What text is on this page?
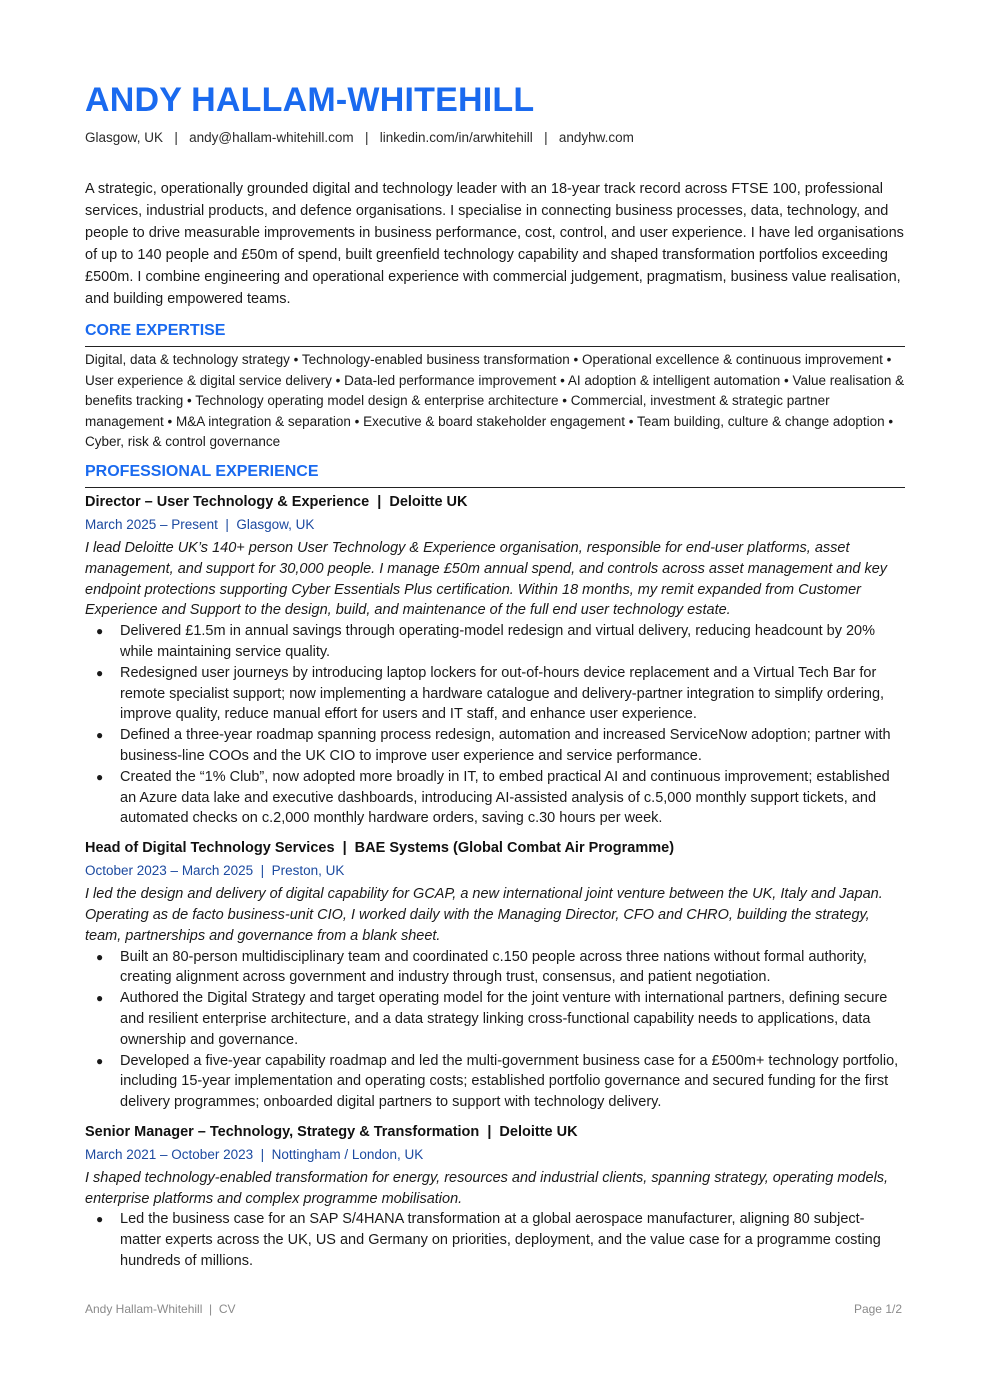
ANDY HALLAM-WHITEHILL
Glasgow, UK | andy@hallam-whitehill.com | linkedin.com/in/arwhitehill | andyhw.com

A strategic, operationally grounded digital and technology leader with an 18-year track record across FTSE 100, professional services, industrial products, and defence organisations. I specialise in connecting business processes, data, technology, and people to drive measurable improvements in business performance, cost, control, and user experience. I have led organisations of up to 140 people and £50m of spend, built greenfield technology capability and shaped transformation portfolios exceeding £500m. I combine engineering and operational experience with commercial judgement, pragmatism, business value realisation, and building empowered teams.

CORE EXPERTISE
Digital, data & technology strategy • Technology-enabled business transformation • Operational excellence & continuous improvement • User experience & digital service delivery • Data-led performance improvement • AI adoption & intelligent automation • Value realisation & benefits tracking • Technology operating model design & enterprise architecture • Commercial, investment & strategic partner management • M&A integration & separation • Executive & board stakeholder engagement • Team building, culture & change adoption • Cyber, risk & control governance
PROFESSIONAL EXPERIENCE
Director – User Technology & Experience  |  Deloitte UK
March 2025 – Present  |  Glasgow, UK
I lead Deloitte UK’s 140+ person User Technology & Experience organisation, responsible for end-user platforms, asset management, and support for 30,000 people. I manage £50m annual spend, and controls across asset management and key endpoint protections supporting Cyber Essentials Plus certification. Within 18 months, my remit expanded from Customer Experience and Support to the design, build, and maintenance of the full end user technology estate.
● Delivered £1.5m in annual savings through operating-model redesign and virtual delivery, reducing headcount by 20% while maintaining service quality.
● Redesigned user journeys by introducing laptop lockers for out-of-hours device replacement and a Virtual Tech Bar for remote specialist support; now implementing a hardware catalogue and delivery-partner integration to simplify ordering, improve quality, reduce manual effort for users and IT staff, and enhance user experience.
● Defined a three-year roadmap spanning process redesign, automation and increased ServiceNow adoption; partner with business-line COOs and the UK CIO to improve user experience and service performance.
● Created the “1% Club”, now adopted more broadly in IT, to embed practical AI and continuous improvement; established an Azure data lake and executive dashboards, introducing AI-assisted analysis of c.5,000 monthly support tickets, and automated checks on c.2,000 monthly hardware orders, saving c.30 hours per week.
Head of Digital Technology Services  |  BAE Systems (Global Combat Air Programme)
October 2023 – March 2025  |  Preston, UK
I led the design and delivery of digital capability for GCAP, a new international joint venture between the UK, Italy and Japan. Operating as de facto business-unit CIO, I worked daily with the Managing Director, CFO and CHRO, building the strategy, team, partnerships and governance from a blank sheet.
● Built an 80-person multidisciplinary team and coordinated c.150 people across three nations without formal authority, creating alignment across government and industry through trust, consensus, and patient negotiation.
● Authored the Digital Strategy and target operating model for the joint venture with international partners, defining secure and resilient enterprise architecture, and a data strategy linking cross-functional capability needs to applications, data ownership and governance.
● Developed a five-year capability roadmap and led the multi-government business case for a £500m+ technology portfolio, including 15-year implementation and operating costs; established portfolio governance and secured funding for the first delivery programmes; onboarded digital partners to support with technology delivery.
Senior Manager – Technology, Strategy & Transformation  |  Deloitte UK
March 2021 – October 2023  |  Nottingham / London, UK
I shaped technology-enabled transformation for energy, resources and industrial clients, spanning strategy, operating models, enterprise platforms and complex programme mobilisation.
● Led the business case for an SAP S/4HANA transformation at a global aerospace manufacturer, aligning 80 subject-matter experts across the UK, US and Germany on priorities, deployment, and the value case for a programme costing hundreds of millions.
Andy Hallam-Whitehill  |  CV	Page 1/2
